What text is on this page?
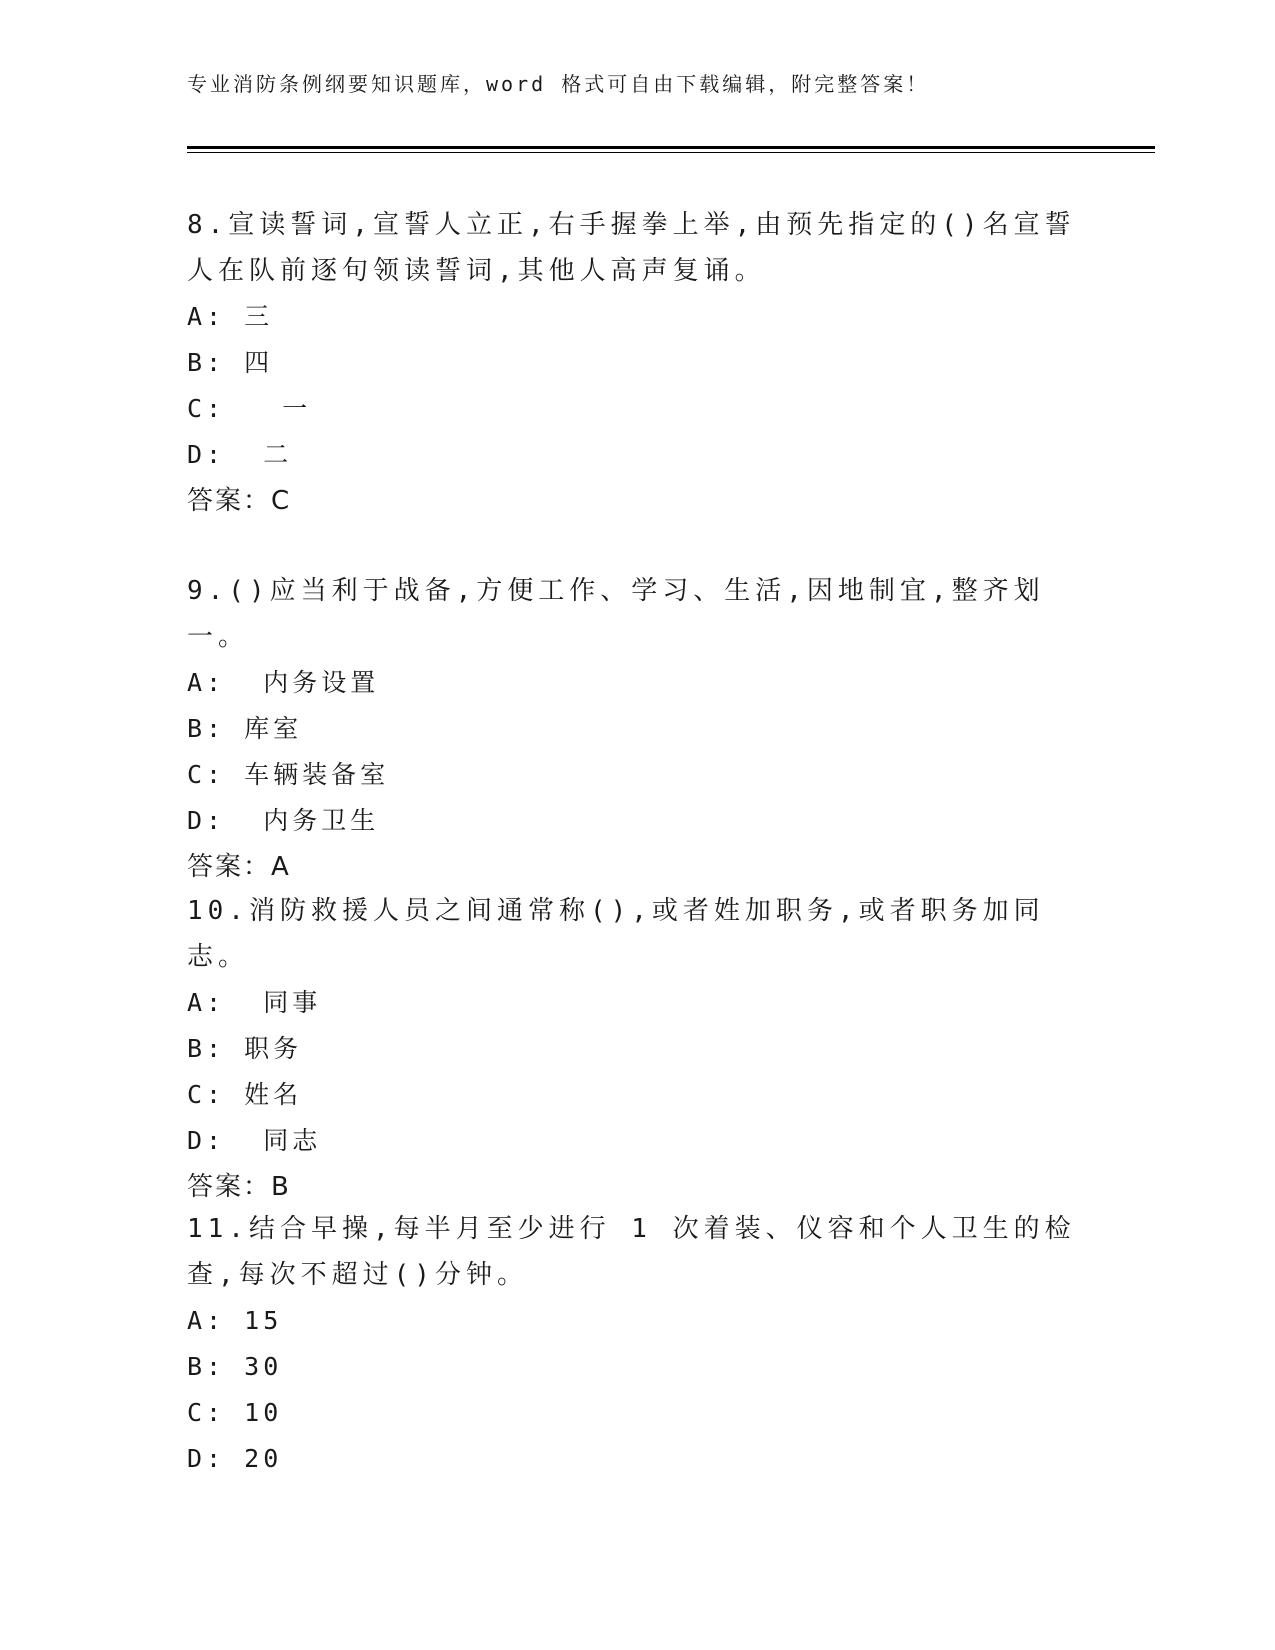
专业消防条例纲要知识题库，word 格式可自由下载编辑，附完整答案！

8.宣读誓词,宣誓人立正,右手握拳上举,由预先指定的()名宣誓人在队前逐句领读誓词,其他人高声复诵。

A: 三
B: 四
C:   一
D:  二
答案：C

9.()应当利于战备,方便工作、学习、生活,因地制宜,整齐划一。

A:  内务设置
B: 库室
C: 车辆装备室
D:  内务卫生
答案：A

10.消防救援人员之间通常称(),或者姓加职务,或者职务加同志。

A:  同事
B: 职务
C: 姓名
D:  同志
答案：B

11.结合早操,每半月至少进行 1 次着装、仪容和个人卫生的检查,每次不超过()分钟。

A: 15
B: 30
C: 10
D: 20
